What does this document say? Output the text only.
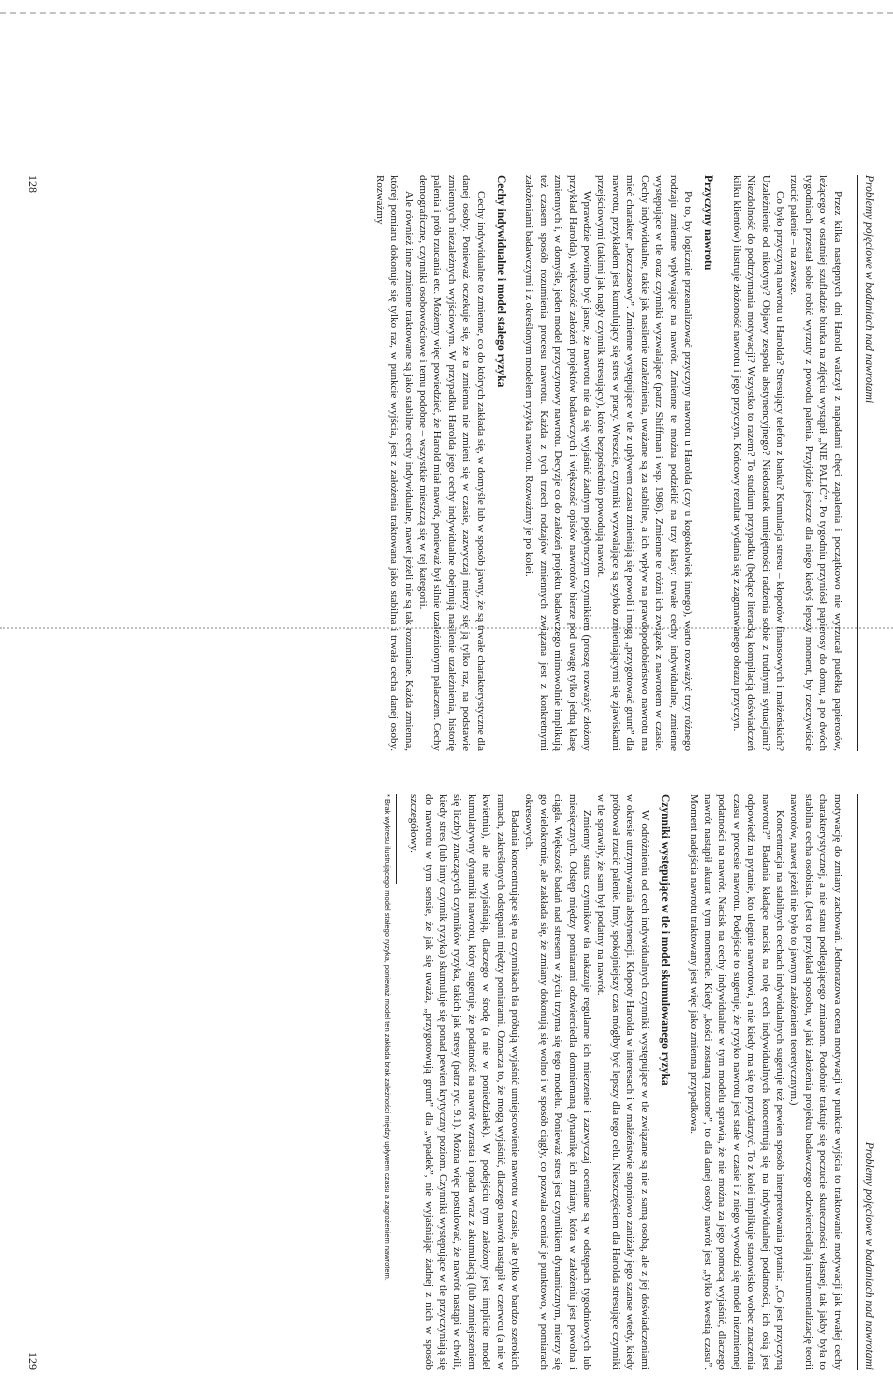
Problemy pojęciowe w badaniach nad nawrotami

Przez kilka następnych dni Harold walczył z napadami chęci zapalenia i początkowo nie wyrzucał pudełka papierosów, leżącego w ostatniej szufladzie biurka na zdjęciu wystąpił „NIE PALIĆ”. Po tygodniu przyniósł papierosy do domu, a po dwóch tygodniach przestał sobie robić wyrzuty z powodu palenia. Przyjdzie jeszcze dla niego kiedyś lepszy moment, by rzeczywiście rzucić palenie – na zawsze.

Co było przyczyną nawrotu u Harolda? Stresujący telefon z banku? Kumulacja stresu – kłopotów finansowych i małżeńskich? Uzależnienie od nikotyny? Objawy zespołu abstynencyjnego? Niedostatek umiejętności radzenia sobie z trudnymi sytuacjami? Niezdolność do podtrzymania motywacji? Wszystko to razem? To studium przypadku (będące literacką kompilacją doświadczeń kilku klientów) ilustruje złożoność nawrotu i jego przyczyn. Końcowy rezultat wydania się z zagmatwanego obrazu przyczyn.

Przyczyny nawrotu

Po to, by logicznie przeanalizować przyczyny nawrotu u Harolda (czy u kogokolwiek innego), warto rozważyć trzy różnego rodzaju zmienne wpływające na nawrót. Zmienne te można podzielić na trzy klasy: trwałe cechy indywidualne, zmienne występujące w tle oraz czynniki wyzwalające (patrz Shiffman i wsp. 1986). Zmienne te różni ich związek z nawrotem w czasie. Cechy indywidualne, takie jak nasilenie uzależnienia, uważane są za stabilne, a ich wpływ na prawdopodobieństwo nawrotu ma mieć charakter „bezczasowy”. Zmienne występujące w tle z upływem czasu zmieniają się powoli i mogą „przygotować grunt” dla nawrotu, przykładem jest kumulujący się stres w pracy. Wreszcie, czynniki wyzwalające są szybko zmieniającymi się zjawiskami przejściowymi (takimi jak nagły czynnik stresujący), które bezpośrednio powodują nawrót.

Wprawdzie powinno być jasne, że nawrotu nie da się wyjaśnić żadnym pojedynczym czynnikiem (proszę rozważyć złożony przykład Harolda), większość założeń projektów badawczych i większość opisów nawrotów bierze pod uwagę tylko jedną klasę zmiennych i, w domyśle, jeden model przyczynowy nawrotu. Decyzje co do założeń projektu badawczego mimowolnie implikują też czasem sposób rozumienia procesu nawrotu. Każda z tych trzech rodzajów zmiennych związana jest z konkretnymi założeniami badawczymi i z określonym modelem ryzyka nawrotu. Rozważmy je po kolei.

Cechy indywidualne i model stałego ryzyka

Cechy indywidualne to zmienne, co do których zakłada się, w domyśle lub w sposób jawny, że są trwałe charakterystyczne dla danej osoby. Ponieważ oczekuje się, że ta zmienna nie zmieni się w czasie, zazwyczaj mierzy się ją tylko raz, na podstawie zmiennych niezależnych wyjściowym. W przypadku Harolda jego cechy indywidualne obejmują nasilenie uzależnienia, historię palenia i prób rzucania etc. Możemy więc powiedzieć, że Harold miał nawrót, ponieważ był silnie uzależnionym palaczem. Cechy demograficzne, czynniki osobowościowe i temu podobne – wszystkie mieszczą się w tej kategorii.

Ale również inne zmienne traktowane są jako stabilne cechy indywidualne, nawet jeżeli nie są tak rozumiane. Każda zmienna, której pomiaru dokonuje się tylko raz, w punkcie wyjścia, jest z założenia traktowana jako stabilna i trwała cecha danej osoby. Rozważmy

128
Problemy pojęciowe w badaniach nad nawrotami

motywację do zmiany zachowań. Jednorazowa ocena motywacji w punkcie wyjścia to traktowanie motywacji jak trwałej cechy charakterystycznej, a nie stanu podlegającego zmianom. Podobnie traktuje się poczucie skuteczności własnej, tak jakby była to stabilna cecha osobista. (Jest to przykład sposobu, w jaki założenia projektu badawczego odzwierciedlają instrumentalizację teorii nawrotów, nawet jeżeli nie było to jawnym założeniem teoretycznym.)

Koncentracja na stabilnych cechach indywidualnych sugeruje też pewien sposób interpretowania pytania: „Co jest przyczyną nawrotu?” Badania kładące nacisk na rolę cech indywidualnych koncentrują się na indywidualnej podatności, ich osią jest odpowiedź na pytanie, kto ulegnie nawrotowi, a nie kiedy ma się to przydarzyć. To z kolei implikuje stanowisko wobec znaczenia czasu w procesie nawrotu. Podejście to sugeruje, że ryzyko nawrotu jest stałe w czasie i z niego wywodzi się model niezmiennej podatności na nawrót. Nacisk na cechy indywidualne w tym modelu sprawia, że nie można za jego pomocą wyjaśnić, dlaczego nawrót nastąpił akurat w tym momencie. Kiedy „kości zostaną rzucone”, to dla danej osoby nawrót jest „tylko kwestią czasu”. Moment nadejścia nawrotu traktowany jest więc jako zmienna przypadkowa.

Czynniki występujące w tle i model skumulowanego ryzyka

W odróżnieniu od cech indywidualnych czynniki występujące w tle związane są nie z samą osobą, ale z jej doświadczeniami w okresie utrzymywania abstynencji. Kłopoty Harolda w interesach i w małżeństwie stopniowo zaniżały jego szanse wtedy, kiedy próbował rzucić palenie. Inny, spokojniejszy czas mógłby być lepszy dla tego celu. Nieszczęściem dla Harolda stresujące czynniki w tle sprawiły, że sam był podatny na nawrót.

Zmienny status czynników tła nakazuje regularne ich mierzenie i zazwyczaj oceniane są w odstępach tygodniowych lub miesięcznych. Odstęp między pomiarami odzwierciedla domniemaną dynamikę ich zmiany, która w założeniu jest powolna i ciągła. Większość badań nad stresem w życiu trzyma się tego modelu. Ponieważ stres jest czynnikiem dynamicznym, mierzy się go wielokrotnie, ale zakłada się, że zmiany dokonują się wolno i w sposób ciągły, co pozwala oceniać je punktowo, w pomiarach okresowych.

Badania koncentrujące się na czynnikach tła próbują wyjaśnić umiejscowienie nawrotu w czasie, ale tylko w bardzo szerokich ramach, zakreślonych odstępami między pomiarami. Oznacza to, że mogą wyjaśnić, dlaczego nawrót nastąpił w czerwcu (a nie w kwietniu), ale nie wyjaśniają, dlaczego w środę (a nie w poniedziałek). W podejściu tym założony jest implicite model kumulatywny dynamiki nawrotu, który sugeruje, że podatność na nawrót wzrasta i opada wraz z akumulacją (lub zmniejszeniem się liczby) znaczących czynników ryzyka, takich jak stresy (patrz ryc. 9.1). Można więc postulować, że nawrót nastąpi w chwili, kiedy stres (lub inny czynnik ryzyka) skumuluje się ponad pewien krytyczny poziom. Czynniki występujące w tle przyczyniają się do nawrotu w tym sensie, że jak się uważa, „przygotowują grunt” dla „wpadek”, nie wyjaśniając żadnej z nich w sposób szczegółowy.

* Brak wykresu ilustrującego model stałego ryzyka, ponieważ model ten zakłada brak zależności między upływem czasu a zagrożeniem nawrotem.

129
